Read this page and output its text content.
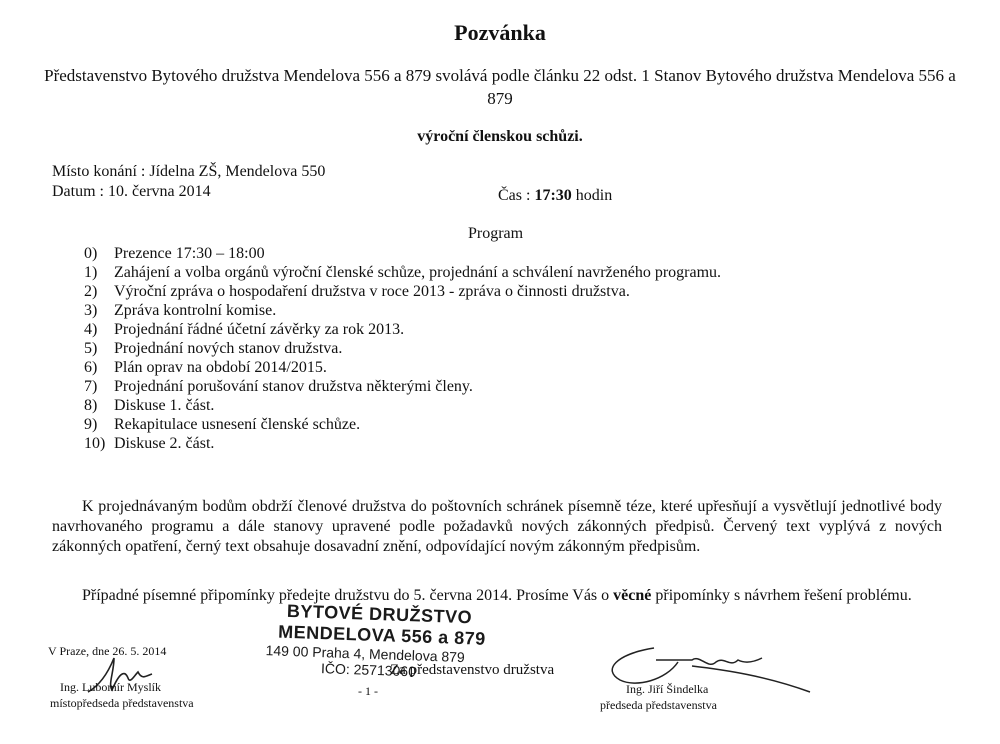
Pozvánka
Představenstvo Bytového družstva Mendelova 556 a 879 svolává podle článku 22 odst. 1 Stanov Bytového družstva Mendelova 556 a 879
výroční členskou schůzi.
Místo konání : Jídelna ZŠ, Mendelova 550
Datum : 10. června 2014	Čas : 17:30 hodin
Program
0) Prezence 17:30 – 18:00
1) Zahájení a volba orgánů výroční členské schůze, projednání a schválení navrženého programu.
2) Výroční zpráva o hospodaření družstva v roce 2013 - zpráva o činnosti družstva.
3) Zpráva kontrolní komise.
4) Projednání řádné účetní závěrky za rok 2013.
5) Projednání nových stanov družstva.
6) Plán oprav na období 2014/2015.
7) Projednání porušování stanov družstva některými členy.
8) Diskuse 1. část.
9) Rekapitulace usnesení členské schůze.
10) Diskuse 2. část.

K projednávaným bodům obdrží členové družstva do poštovních schránek písemně téze, které upřesňují a vysvětlují jednotlivé body navrhovaného programu a dále stanovy upravené podle požadavků nových zákonných předpisů. Červený text vyplývá z nových zákonných opatření, černý text obsahuje dosavadní znění, odpovídající novým zákonným předpisům.

Případné písemné připomínky předejte družstvu do 5. června 2014. Prosíme Vás o věcné připomínky s návrhem řešení problému.

V Praze, dne 26. 5. 2014
Ing. Lubomír Myslík
místopředseda představenstva
BYTOVÉ DRUŽSTVO
MENDELOVA 556 a 879
149 00 Praha 4, Mendelova 879
IČO: 25713060
Za představenstvo družstva
- 1 -	Ing. Jiří Šindelka
předseda představenstva
